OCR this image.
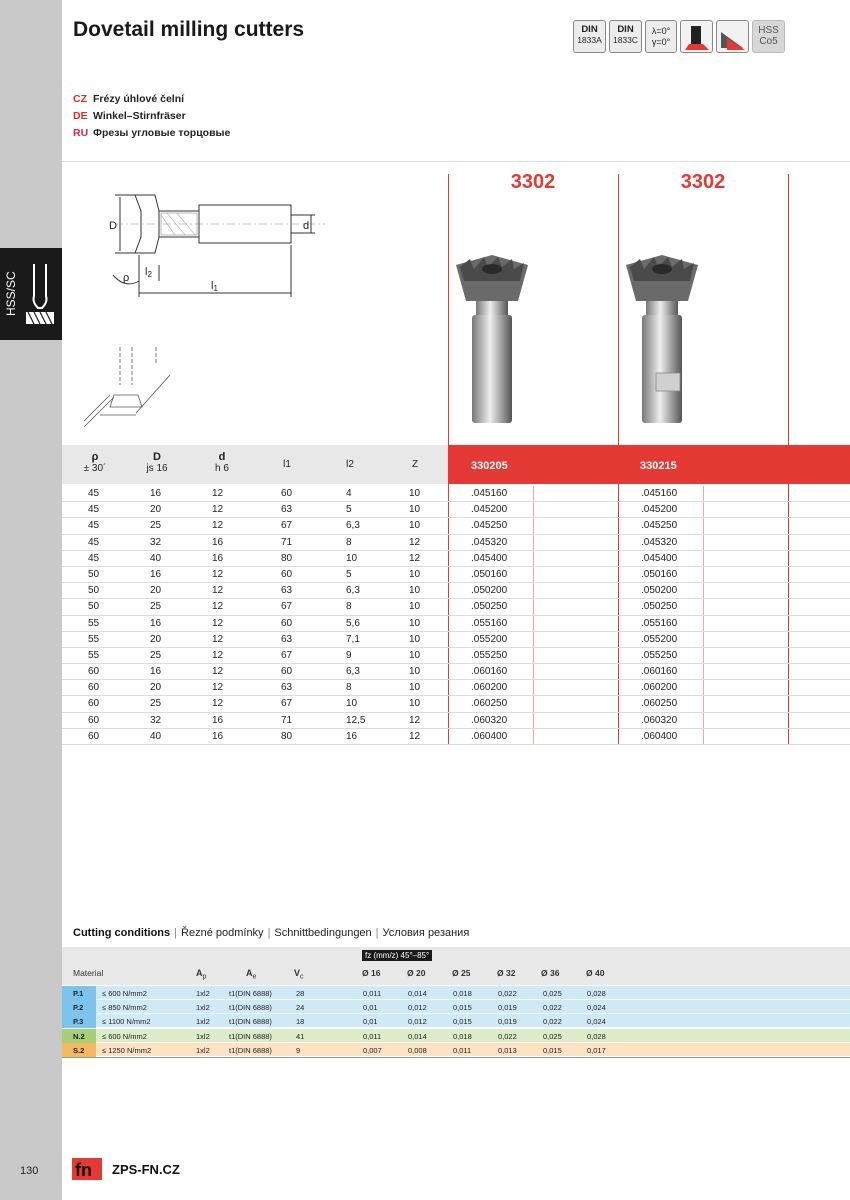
HSS/SC
130
Dovetail milling cutters	DIN
1833A
DIN
1833C
λ=0°
γ=0°
HSS
Co5
CZ Frézy úhlové čelní
DE Winkel–Stirnfräser
RU Фрезы угловые торцовые
D	d
l2
l1
ρ
3302	3302
ρ
± 30´
D
js 16
d
h 6	l1	l2	Z	330205	330215
45	16	12	60	4	10	.045160	.045160
45	20	12	63	5	10	.045200	.045200
45	25	12	67	6,3	10	.045250	.045250
45	32	16	71	8	12	.045320	.045320
45	40	16	80	10	12	.045400	.045400
50	16	12	60	5	10	.050160	.050160
50	20	12	63	6,3	10	.050200	.050200
50	25	12	67	8	10	.050250	.050250
55	16	12	60	5,6	10	.055160	.055160
55	20	12	63	7,1	10	.055200	.055200
55	25	12	67	9	10	.055250	.055250
60	16	12	60	6,3	10	.060160	.060160
60	20	12	63	8	10	.060200	.060200
60	25	12	67	10	10	.060250	.060250
60	32	16	71	12,5	12	.060320	.060320
60	40	16	80	16	12	.060400	.060400
Cutting conditions | Řezné podmínky | Schnittbedingungen | Условия резания
fz (mm/z) 45°–85°
Material	$A_p$	$A_e$	$V_c$	Ø 16	Ø 20	Ø 25	Ø 32	Ø 36	Ø 40
P.1 ≤ 600 N/mm2	1xl2	t1(DIN 6888)	28	0,011	0,014	0,018	0,022	0,025	0,028
P.2 ≤ 850 N/mm2	1xl2	t1(DIN 6888)	24	0,01	0,012	0,015	0,019	0,022	0,024
P.3 ≤ 1100 N/mm2	1xl2	t1(DIN 6888)	18	0,01	0,012	0,015	0,019	0,022	0,024
N.2 ≤ 600 N/mm2	1xl2	t1(DIN 6888)	41	0,011	0,014	0,018	0,022	0,025	0,028
S.2 ≤ 1250 N/mm2	1xl2	t1(DIN 6888)	9	0,007	0,008	0,011	0,013	0,015	0,017
fn ZPS-FN.CZ
